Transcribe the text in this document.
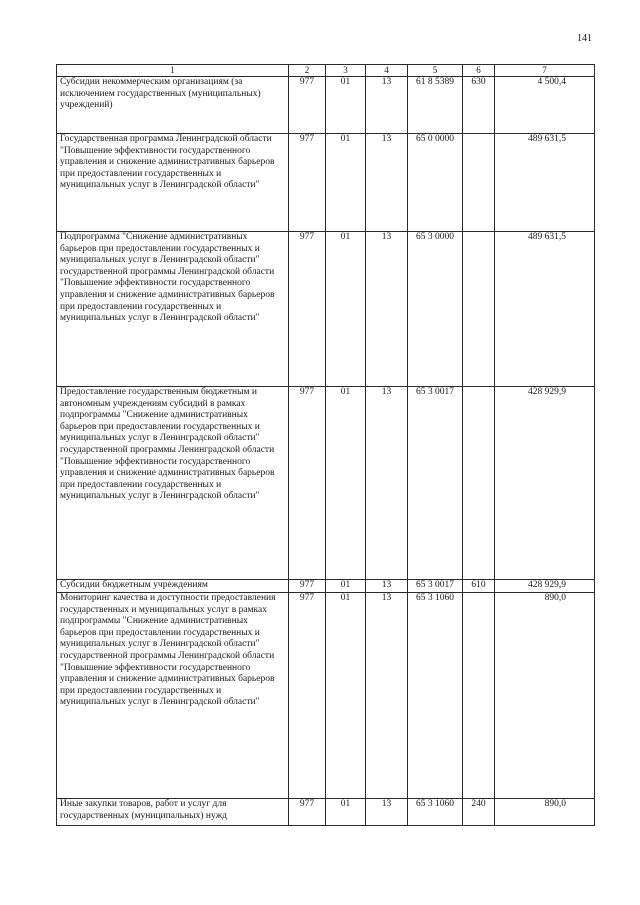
141
1	2	3	4	5	6	7
Субсидии некоммерческим организациям (за исключением государственных (муниципальных) учреждений)	977	01	13	61 8 5389	630	4 500,4
Государственная программа Ленинградской области "Повышение эффективности государственного управления и снижение административных барьеров при предоставлении государственных и муниципальных услуг в Ленинградской области"	977	01	13	65 0 0000		489 631,5
Подпрограмма "Снижение административных барьеров при предоставлении государственных и муниципальных услуг в Ленинградской области" государственной программы Ленинградской области "Повышение эффективности государственного управления и снижение административных барьеров при предоставлении государственных и муниципальных услуг в Ленинградской области"	977	01	13	65 3 0000		489 631,5
Предоставление государственным бюджетным и автономным учреждениям субсидий в рамках подпрограммы "Снижение административных барьеров при предоставлении государственных и муниципальных услуг в Ленинградской области" государственной программы Ленинградской области "Повышение эффективности государственного управления и снижение административных барьеров при предоставлении государственных и муниципальных услуг в Ленинградской области"	977	01	13	65 3 0017		428 929,9
Субсидии бюджетным учреждениям	977	01	13	65 3 0017	610	428 929,9
Мониторинг качества и доступности предоставления государственных и муниципальных услуг в рамках подпрограммы "Снижение административных барьеров при предоставлении государственных и муниципальных услуг в Ленинградской области" государственной программы Ленинградской области "Повышение эффективности государственного управления и снижение административных барьеров при предоставлении государственных и муниципальных услуг в Ленинградской области"	977	01	13	65 3 1060		890,0
Иные закупки товаров, работ и услуг для государственных (муниципальных) нужд	977	01	13	65 3 1060	240	890,0
